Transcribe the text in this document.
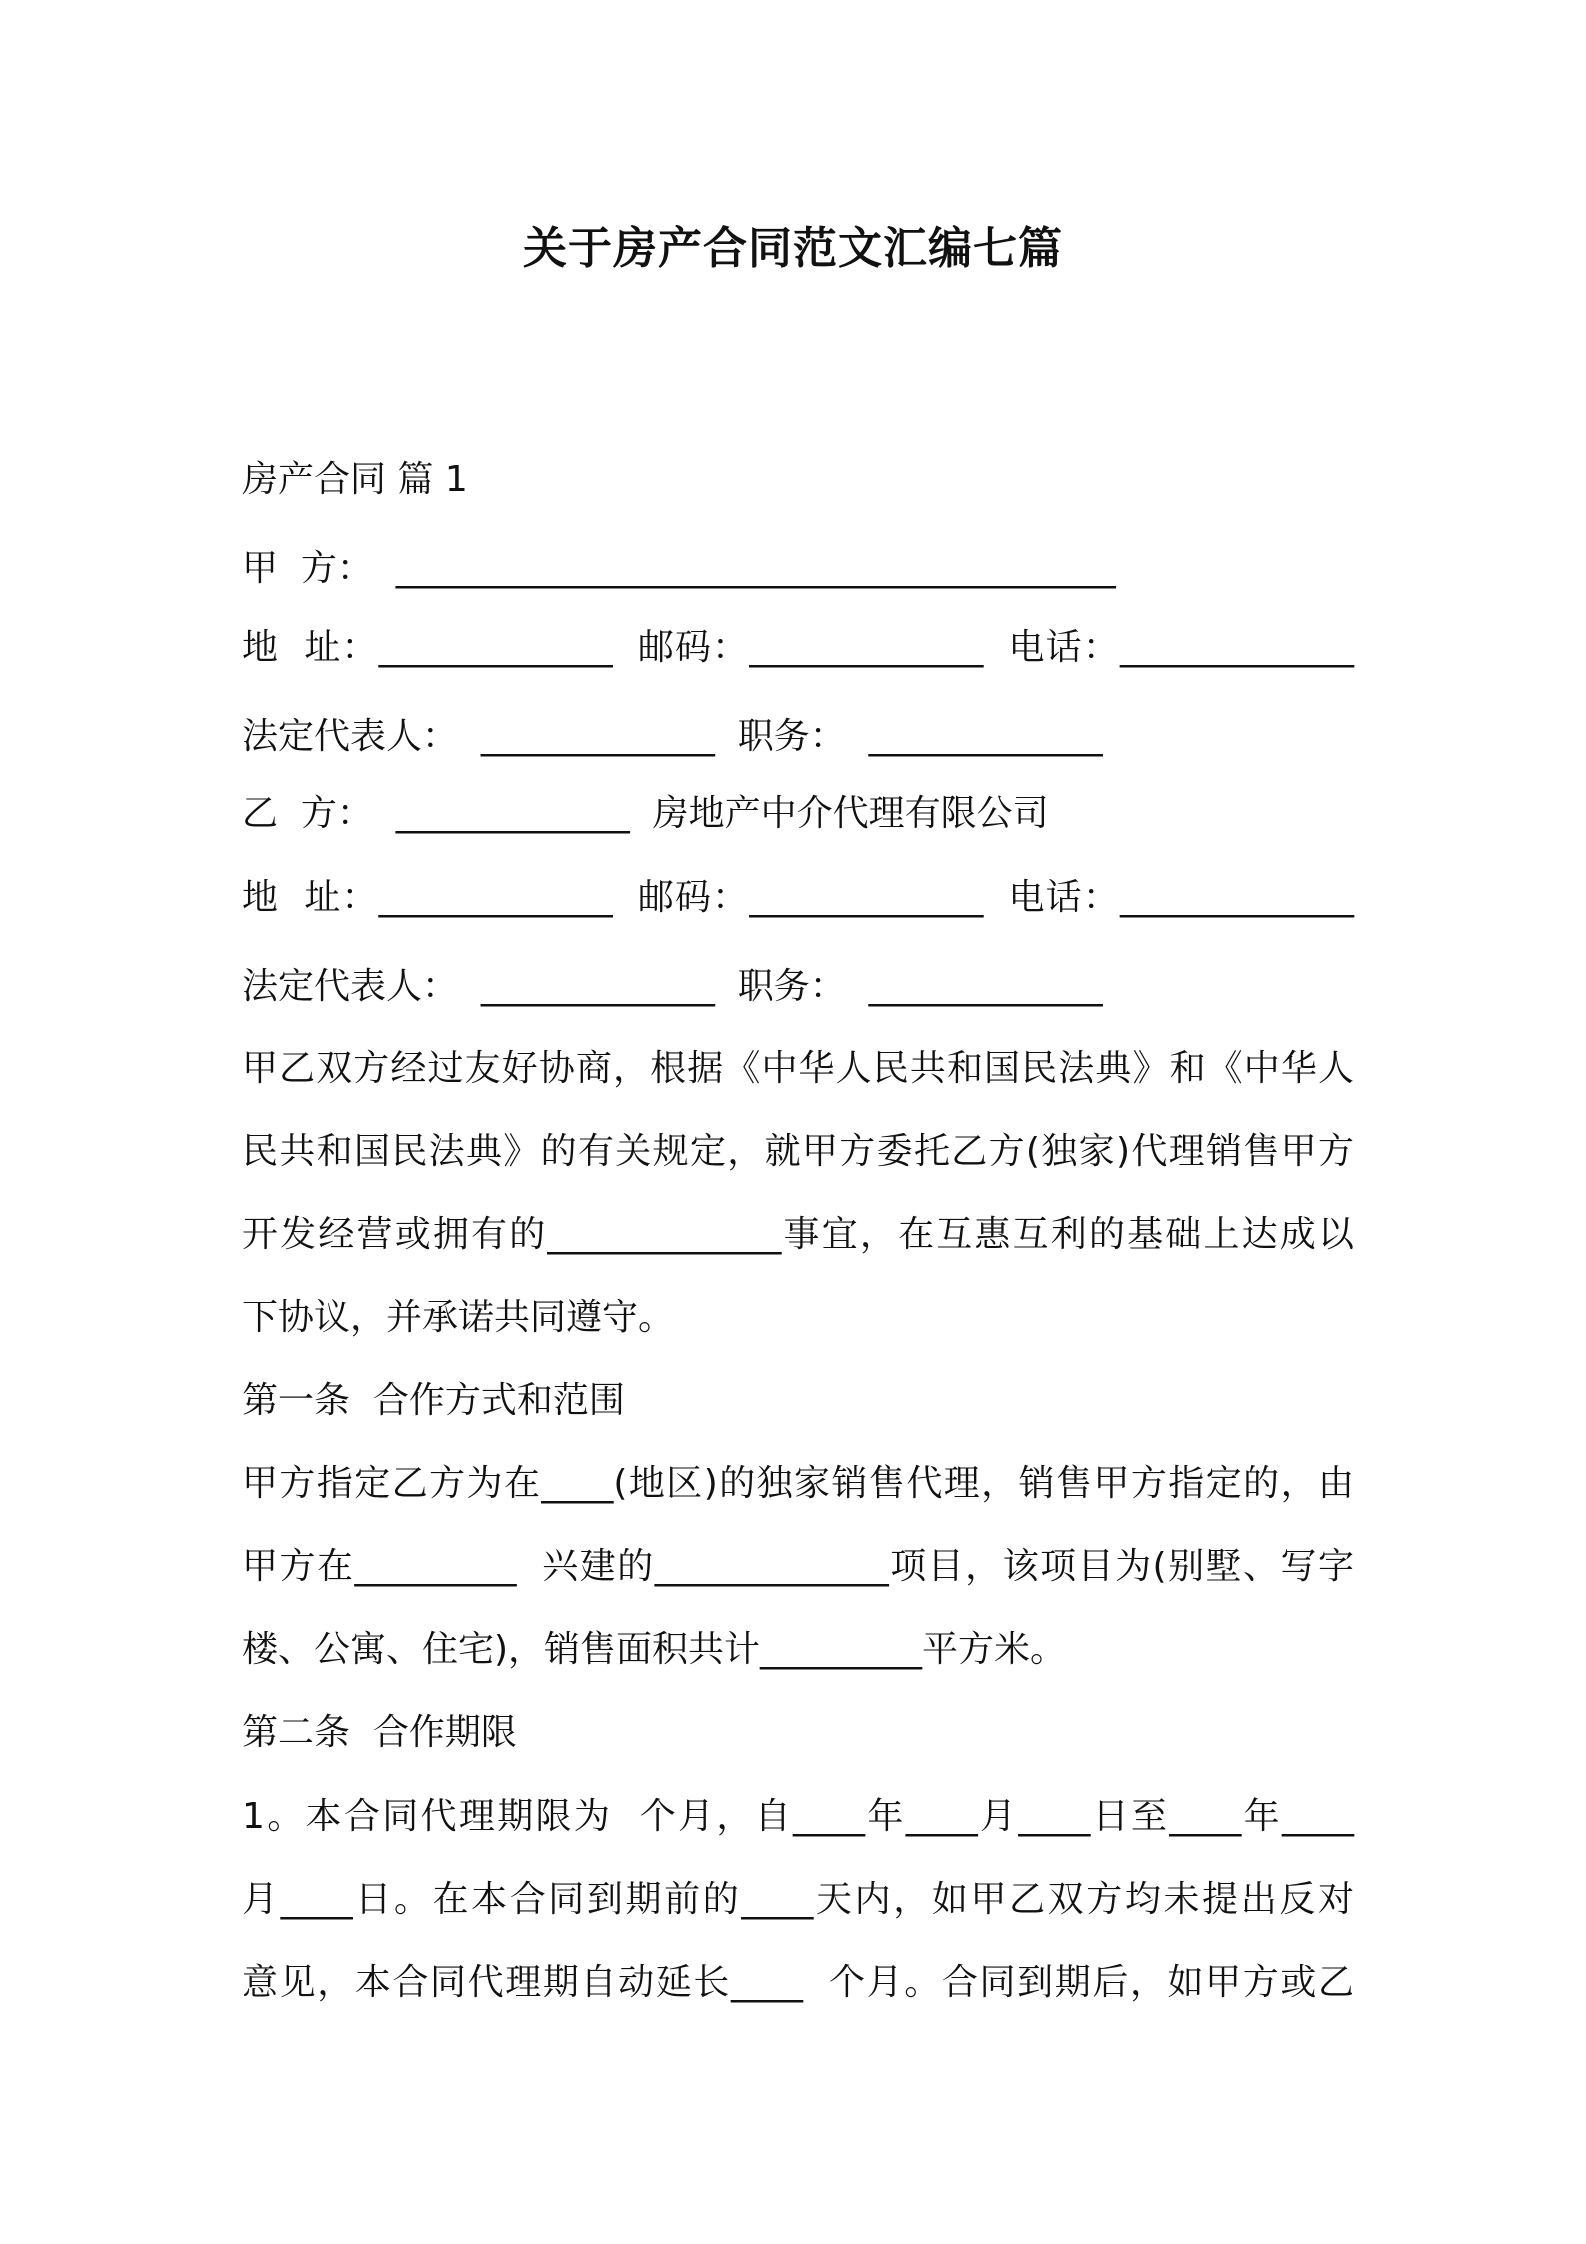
关于房产合同范文汇编七篇
房产合同 篇 1
甲  方：  ________________________________________
地  址：_____________  邮码：_____________  电话：_____________
法定代表人：  _____________  职务：  _____________
乙  方：  _____________  房地产中介代理有限公司
地  址：_____________  邮码：_____________  电话：_____________
法定代表人：  _____________  职务：  _____________
甲乙双方经过友好协商，根据《中华人民共和国民法典》和《中华人
民共和国民法典》的有关规定，就甲方委托乙方(独家)代理销售甲方
开发经营或拥有的_____________事宜，在互惠互利的基础上达成以
下协议，并承诺共同遵守。
第一条  合作方式和范围
甲方指定乙方为在____(地区)的独家销售代理，销售甲方指定的，由
甲方在_________  兴建的_____________项目，该项目为(别墅、写字
楼、公寓、住宅)，销售面积共计_________平方米。
第二条  合作期限
1。本合同代理期限为  个月，自____年____月____日至____年____
月____日。在本合同到期前的____天内，如甲乙双方均未提出反对
意见，本合同代理期自动延长____  个月。合同到期后，如甲方或乙
